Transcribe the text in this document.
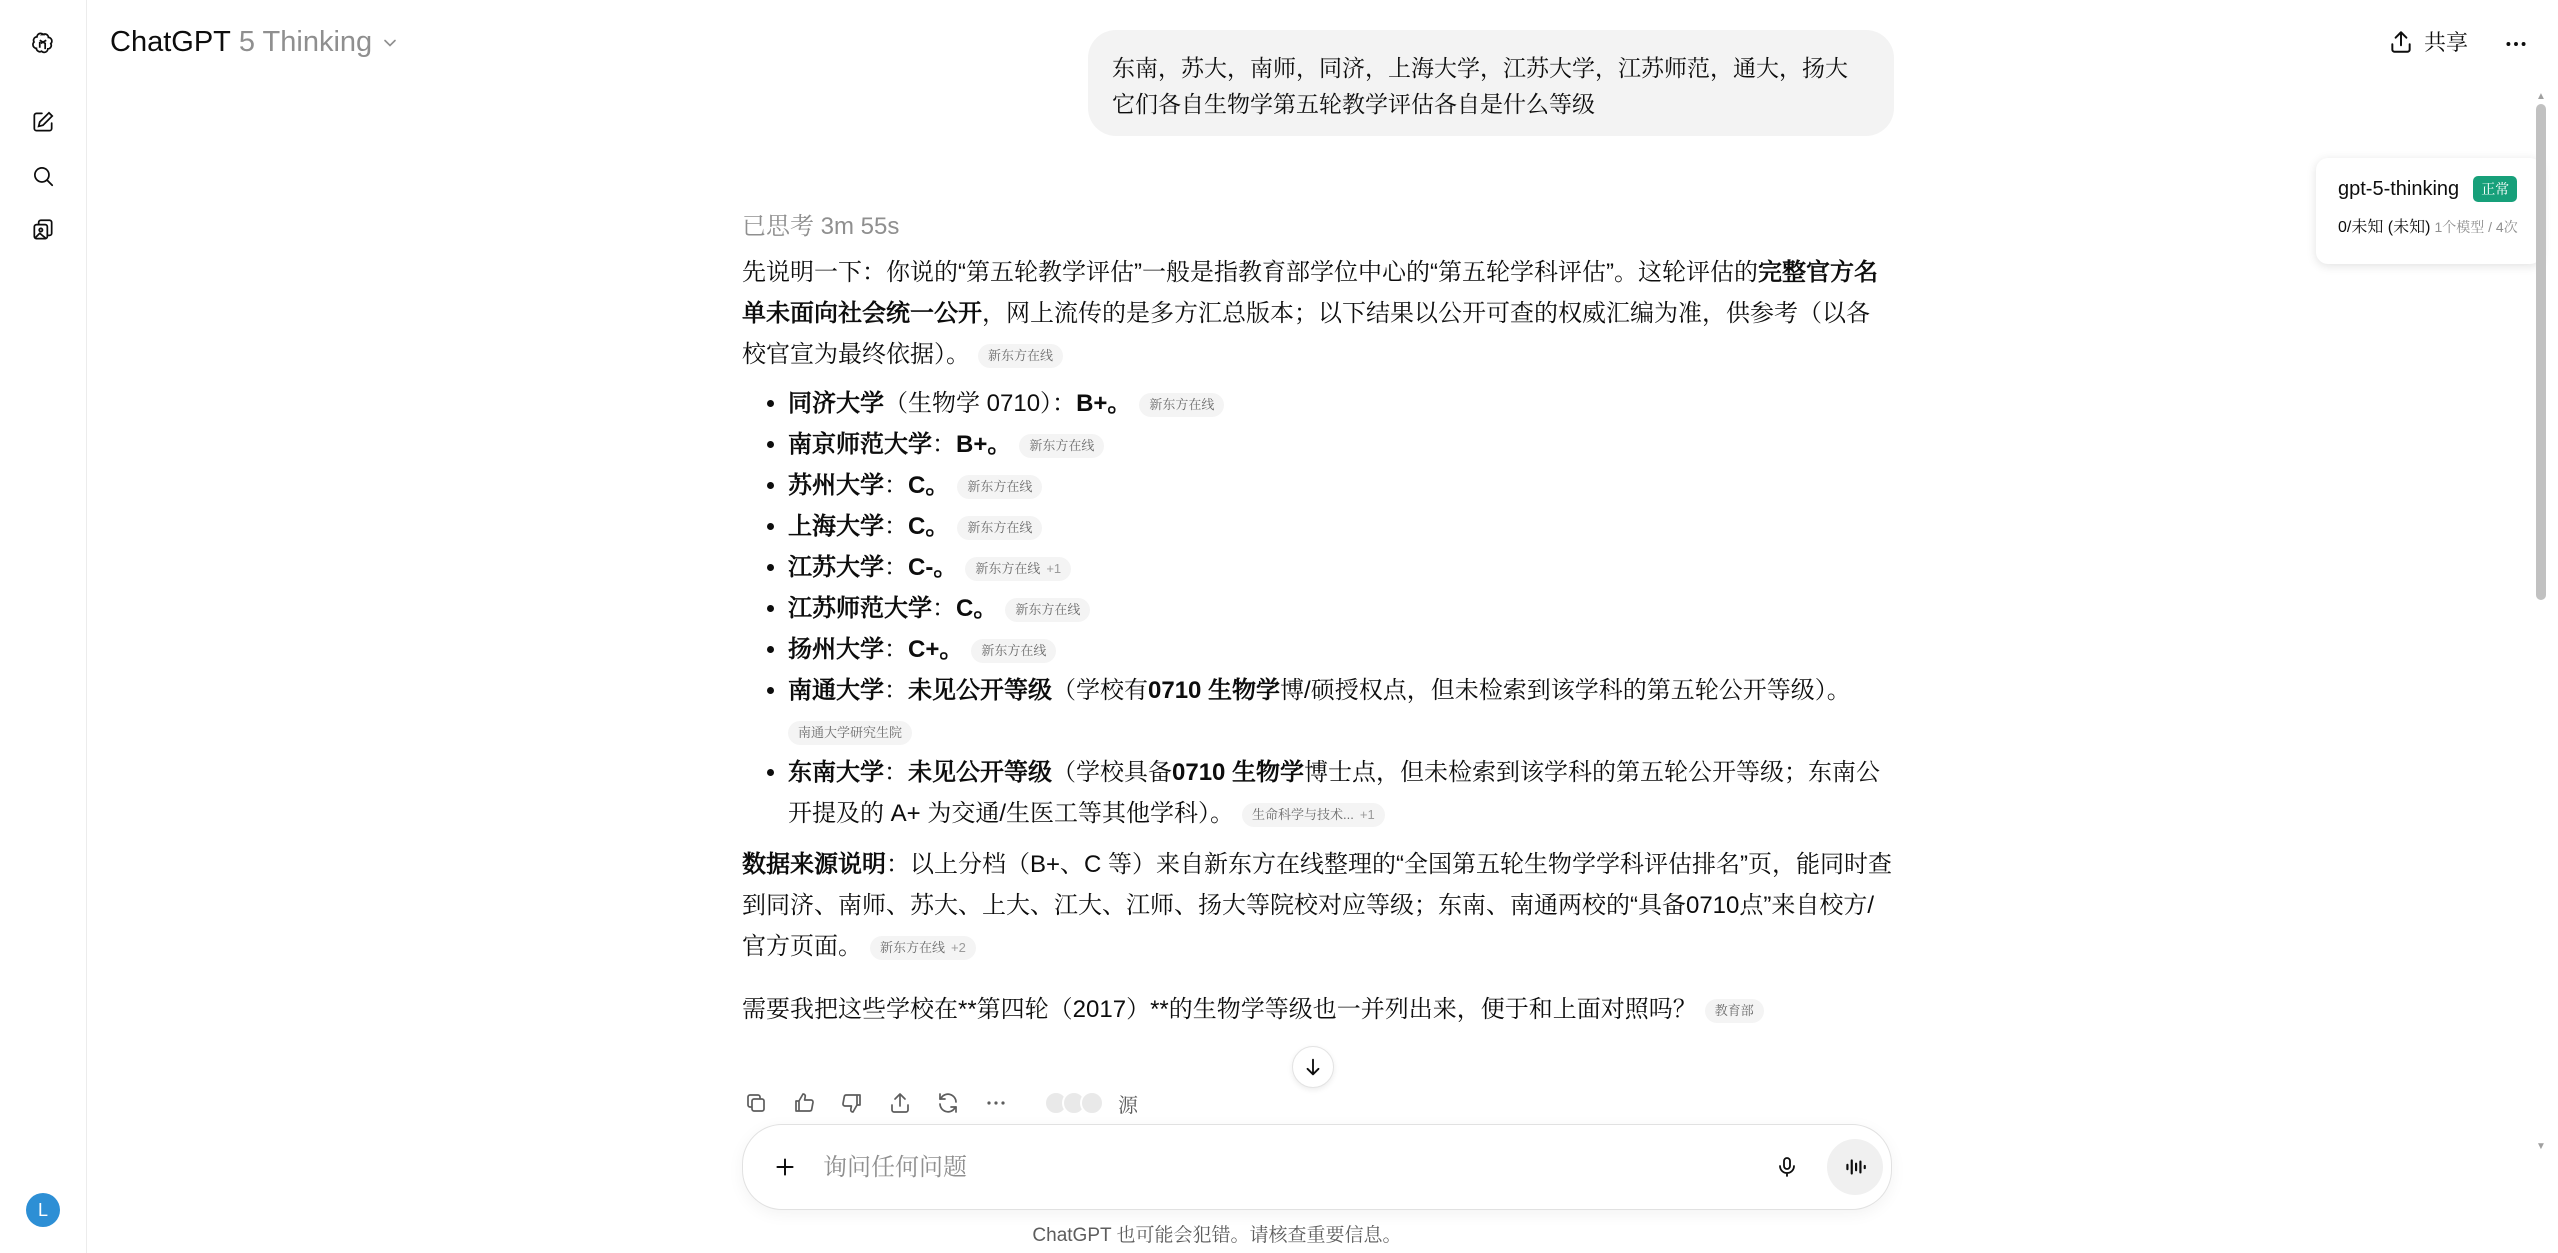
L
ChatGPT 5 Thinking	共享
东南，苏大，南师，同济，上海大学，江苏大学，江苏师范，通大，扬大 它们各自生物学第五轮教学评估各自是什么等级
已思考 3m 55s

先说明一下：你说的“第五轮教学评估”一般是指教育部学位中心的“第五轮学科评估”。这轮评估的完整官方名单未面向社会统一公开，网上流传的是多方汇总版本；以下结果以公开可查的权威汇编为准，供参考（以各校官宣为最终依据）。 新东方在线

• 同济大学（生物学 0710）：B+。 新东方在线
• 南京师范大学：B+。 新东方在线
• 苏州大学：C。 新东方在线
• 上海大学：C。 新东方在线
• 江苏大学：C-。 新东方在线 +1
• 江苏师范大学：C。 新东方在线
• 扬州大学：C+。 新东方在线
• 南通大学：未见公开等级（学校有0710 生物学博/硕授权点，但未检索到该学科的第五轮公开等级）。
南通大学研究生院
• 东南大学：未见公开等级（学校具备0710 生物学博士点，但未检索到该学科的第五轮公开等级；东南公开提及的 A+ 为交通/生医工等其他学科）。 生命科学与技术... +1

数据来源说明：以上分档（B+、C 等）来自新东方在线整理的“全国第五轮生物学学科评估排名”页，能同时查到同济、南师、苏大、上大、江大、江师、扬大等院校对应等级；东南、南通两校的“具备0710点”来自校方/官方页面。 新东方在线 +2

需要我把这些学校在**第四轮（2017）**的生物学等级也一并列出来，便于和上面对照吗？ 教育部

源
询问任何问题
ChatGPT 也可能会犯错。请核查重要信息。
gpt-5-thinking	正常
0/未知 (未知) 1个模型 / 4次
▲
▼
